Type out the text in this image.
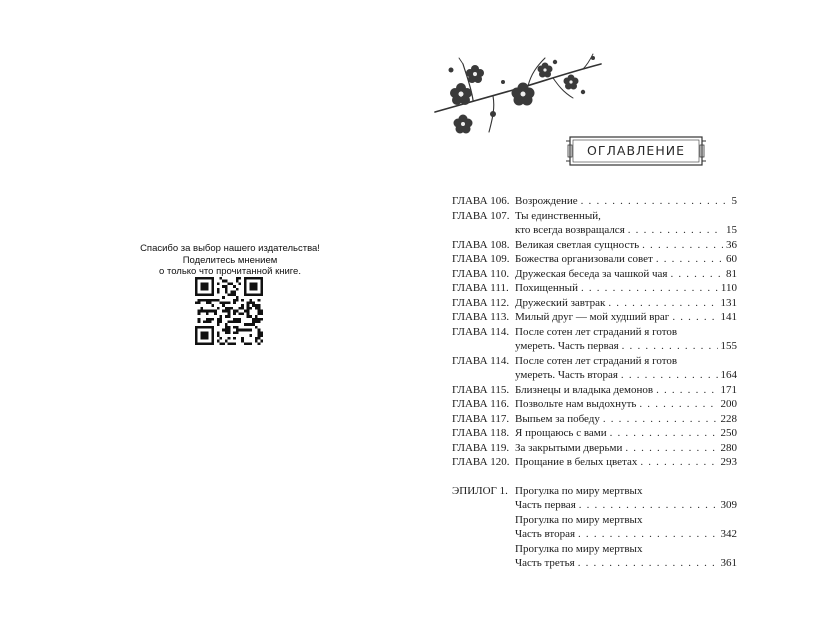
Спасибо за выбор нашего издательства!
Поделитесь мнением
о только что прочитанной книге.
ОГЛАВЛЕНИЕ
ГЛАВА 106. Возрождение . . .	5
ГЛАВА 107. Ты единственный,
кто всегда возвращался . . .	15
ГЛАВА 108. Великая светлая сущность . . .	36
ГЛАВА 109. Божества организовали совет . . .	60
ГЛАВА 110. Дружеская беседа за чашкой чая . . .	81
ГЛАВА 111. Похищенный . . .	110
ГЛАВА 112. Дружеский завтрак . . .	131
ГЛАВА 113. Милый друг — мой худший враг . . .	141
ГЛАВА 114. После сотен лет страданий я готов
умереть. Часть первая . . .	155
ГЛАВА 114. После сотен лет страданий я готов
умереть. Часть вторая . . .	164
ГЛАВА 115. Близнецы и владыка демонов . . .	171
ГЛАВА 116. Позвольте нам выдохнуть . . .	200
ГЛАВА 117. Выпьем за победу . . .	228
ГЛАВА 118. Я прощаюсь с вами . . .	250
ГЛАВА 119. За закрытыми дверьми . . .	280
ГЛАВА 120. Прощание в белых цветах . . .	293
ЭПИЛОГ 1. Прогулка по миру мертвых
Часть первая . . .	309
Прогулка по миру мертвых
Часть вторая . . .	342
Прогулка по миру мертвых
Часть третья . . .	361
